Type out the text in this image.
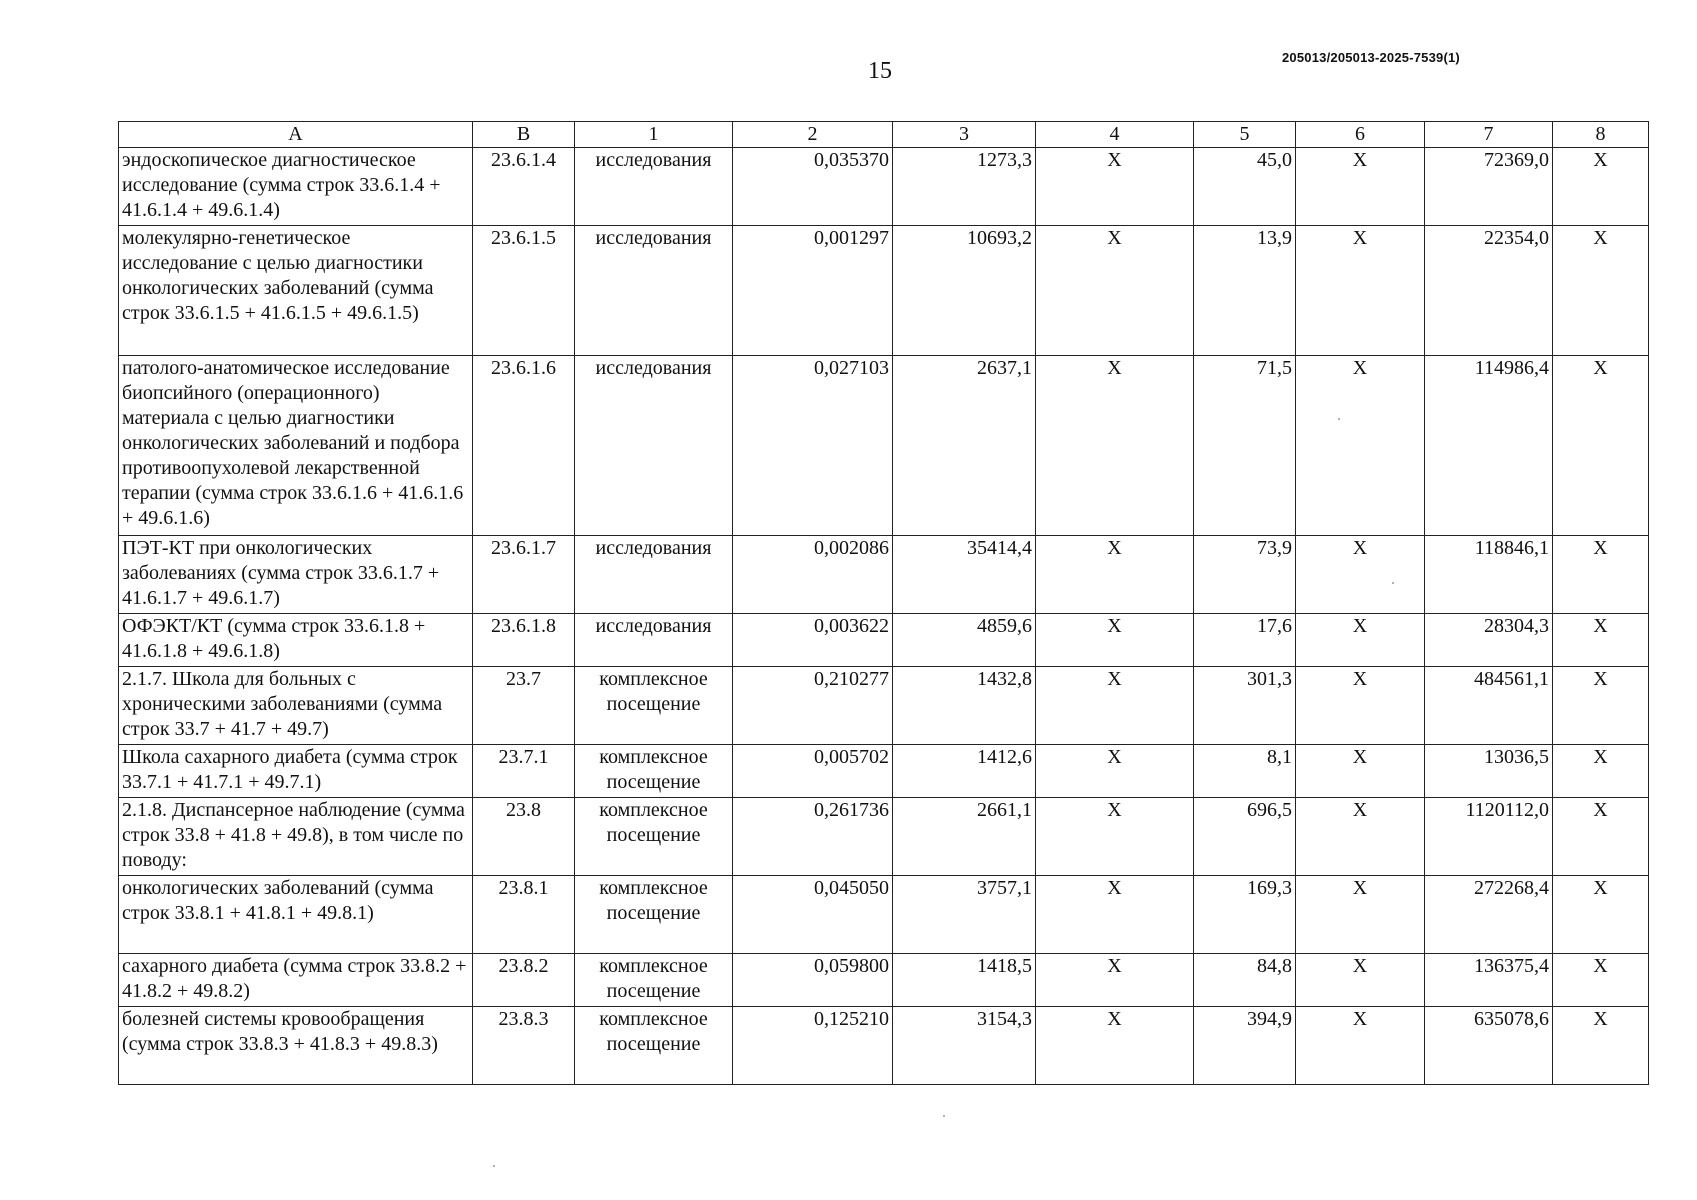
15
205013/205013-2025-7539(1)
A	B	1	2	3	4	5	6	7	8
эндоскопическое диагностическое исследование (сумма строк 33.6.1.4 + 41.6.1.4 + 49.6.1.4)	23.6.1.4	исследования	0,035370	1273,3	X	45,0	X	72369,0	X
молекулярно-генетическое исследование с целью диагностики онкологических заболеваний (сумма строк 33.6.1.5 + 41.6.1.5 + 49.6.1.5)	23.6.1.5	исследования	0,001297	10693,2	X	13,9	X	22354,0	X
патолого-анатомическое исследование биопсийного (операционного) материала с целью диагностики онкологических заболеваний и подбора противоопухолевой лекарственной терапии (сумма строк 33.6.1.6 + 41.6.1.6 + 49.6.1.6)	23.6.1.6	исследования	0,027103	2637,1	X	71,5	X	114986,4	X
ПЭТ-КТ при онкологических заболеваниях (сумма строк 33.6.1.7 + 41.6.1.7 + 49.6.1.7)	23.6.1.7	исследования	0,002086	35414,4	X	73,9	X	118846,1	X
ОФЭКТ/КТ (сумма строк 33.6.1.8 + 41.6.1.8 + 49.6.1.8)	23.6.1.8	исследования	0,003622	4859,6	X	17,6	X	28304,3	X
2.1.7. Школа для больных с хроническими заболеваниями (сумма строк 33.7 + 41.7 + 49.7)	23.7	комплексное посещение	0,210277	1432,8	X	301,3	X	484561,1	X
Школа сахарного диабета (сумма строк 33.7.1 + 41.7.1 + 49.7.1)	23.7.1	комплексное посещение	0,005702	1412,6	X	8,1	X	13036,5	X
2.1.8. Диспансерное наблюдение (сумма строк 33.8 + 41.8 + 49.8), в том числе по поводу:	23.8	комплексное посещение	0,261736	2661,1	X	696,5	X	1120112,0	X
онкологических заболеваний (сумма строк 33.8.1 + 41.8.1 + 49.8.1)	23.8.1	комплексное посещение	0,045050	3757,1	X	169,3	X	272268,4	X
сахарного диабета (сумма строк 33.8.2 + 41.8.2 + 49.8.2)	23.8.2	комплексное посещение	0,059800	1418,5	X	84,8	X	136375,4	X
болезней системы кровообращения (сумма строк 33.8.3 + 41.8.3 + 49.8.3)	23.8.3	комплексное посещение	0,125210	3154,3	X	394,9	X	635078,6	X
